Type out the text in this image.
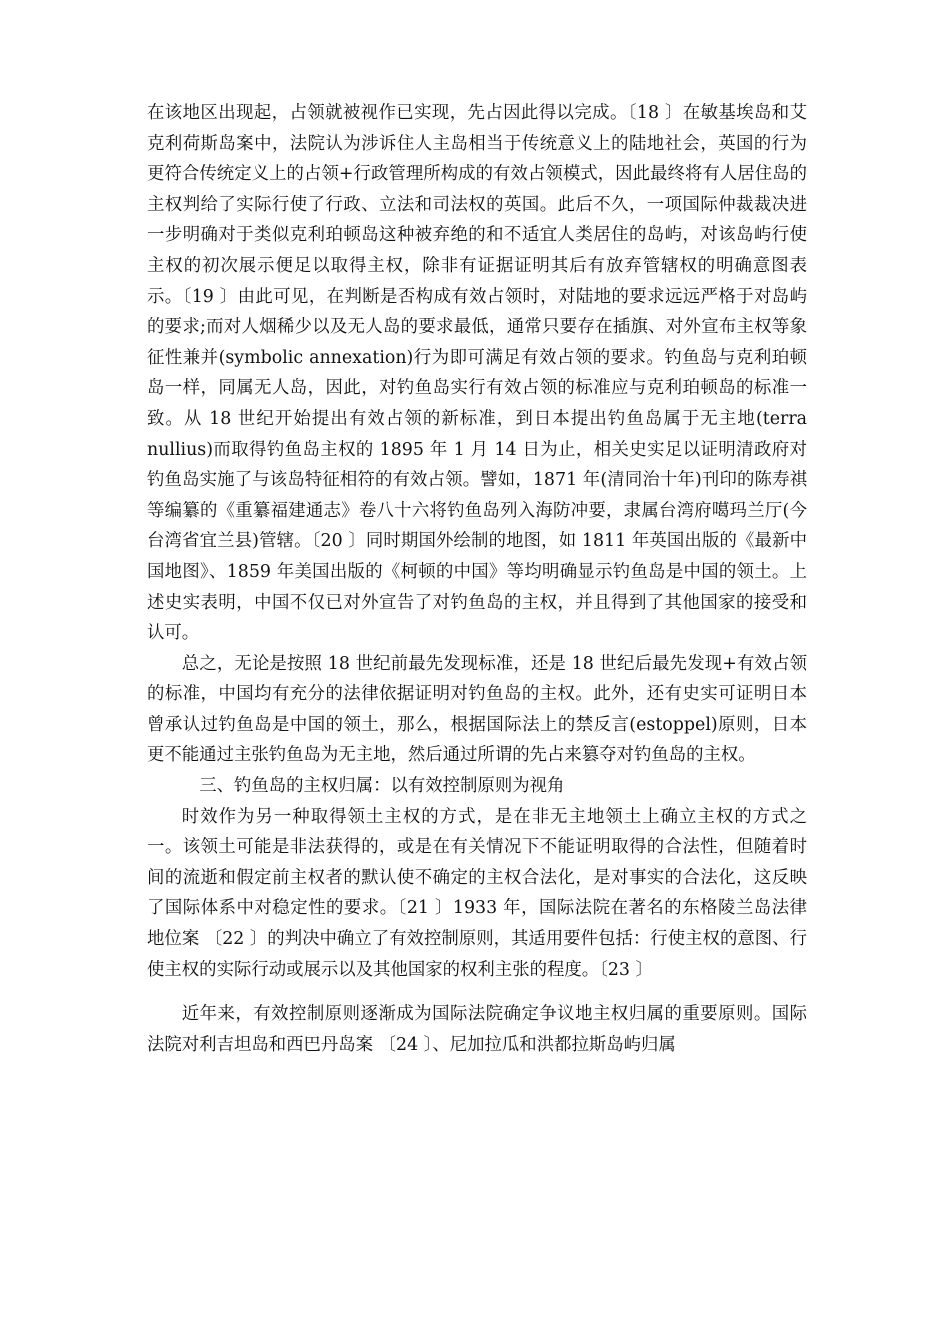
在该地区出现起，占领就被视作已实现，先占因此得以完成。〔18 〕在敏基埃岛和艾克利荷斯岛案中，法院认为涉诉住人主岛相当于传统意义上的陆地社会，英国的行为更符合传统定义上的占领+行政管理所构成的有效占领模式，因此最终将有人居住岛的主权判给了实际行使了行政、立法和司法权的英国。此后不久，一项国际仲裁裁决进一步明确对于类似克利珀顿岛这种被弃绝的和不适宜人类居住的岛屿，对该岛屿行使主权的初次展示便足以取得主权，除非有证据证明其后有放弃管辖权的明确意图表示。〔19 〕由此可见，在判断是否构成有效占领时，对陆地的要求远远严格于对岛屿的要求;而对人烟稀少以及无人岛的要求最低，通常只要存在插旗、对外宣布主权等象征性兼并(symbolic annexation)行为即可满足有效占领的要求。钓鱼岛与克利珀顿岛一样，同属无人岛，因此，对钓鱼岛实行有效占领的标准应与克利珀顿岛的标准一致。从 18 世纪开始提出有效占领的新标准，到日本提出钓鱼岛属于无主地(terra nullius)而取得钓鱼岛主权的 1895 年 1 月 14 日为止，相关史实足以证明清政府对钓鱼岛实施了与该岛特征相符的有效占领。譬如，1871 年(清同治十年)刊印的陈寿祺等编纂的《重纂福建通志》卷八十六将钓鱼岛列入海防冲要，隶属台湾府噶玛兰厅(今台湾省宜兰县)管辖。〔20 〕同时期国外绘制的地图，如 1811 年英国出版的《最新中国地图》、1859 年美国出版的《柯顿的中国》等均明确显示钓鱼岛是中国的领土。上述史实表明，中国不仅已对外宣告了对钓鱼岛的主权，并且得到了其他国家的接受和认可。

总之，无论是按照 18 世纪前最先发现标准，还是 18 世纪后最先发现+有效占领的标准，中国均有充分的法律依据证明对钓鱼岛的主权。此外，还有史实可证明日本曾承认过钓鱼岛是中国的领土，那么，根据国际法上的禁反言(estoppel)原则，日本更不能通过主张钓鱼岛为无主地，然后通过所谓的先占来篡夺对钓鱼岛的主权。

三、钓鱼岛的主权归属：以有效控制原则为视角

时效作为另一种取得领土主权的方式，是在非无主地领土上确立主权的方式之一。该领土可能是非法获得的，或是在有关情况下不能证明取得的合法性，但随着时间的流逝和假定前主权者的默认使不确定的主权合法化，是对事实的合法化，这反映了国际体系中对稳定性的要求。〔21 〕1933 年，国际法院在著名的东格陵兰岛法律地位案 〔22 〕的判决中确立了有效控制原则，其适用要件包括：行使主权的意图、行使主权的实际行动或展示以及其他国家的权利主张的程度。〔23 〕

近年来，有效控制原则逐渐成为国际法院确定争议地主权归属的重要原则。国际法院对利吉坦岛和西巴丹岛案 〔24 〕、尼加拉瓜和洪都拉斯岛屿归属
